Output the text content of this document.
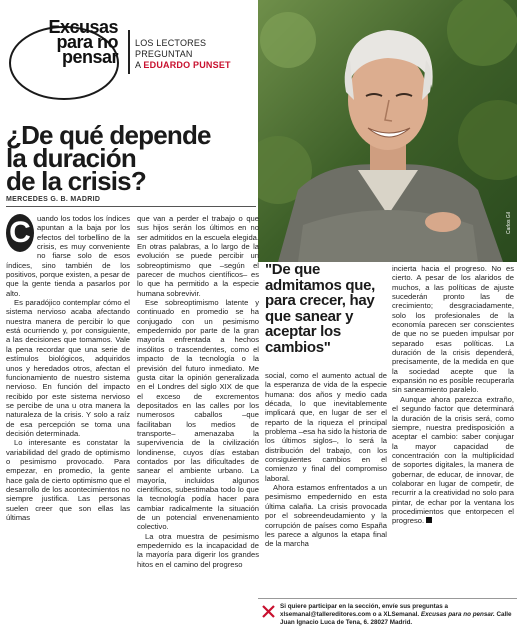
Excusas
para no
pensar
LOS LECTORES PREGUNTAN
A EDUARDO PUNSET
Carlos Gil
¿De qué depende
la duración
de la crisis?
MERCEDES G. B. MADRID
C uando los todos los índices apuntan a la baja por los efectos del torbellino de la crisis, es muy conveniente no fiarse solo de esos índices, sino también de los positivos, porque existen, a pesar de que la gente tienda a pasarlos por alto.

Es paradójico contemplar cómo el sistema nervioso acaba afectando nuestra manera de percibir lo que está ocurriendo y, por consiguiente, a las decisiones que tomamos. Vale la pena recordar que una serie de estímulos biológicos, adquiridos unos y heredados otros, afectan el funcionamiento de nuestro sistema nervioso. En función del impacto recibido por este sistema nervioso se percibe de una u otra manera la naturaleza de la crisis. Y solo a raíz de esa percepción se toma una decisión determinada.

Lo interesante es constatar la variabilidad del grado de optimismo o pesimismo provocado. Para empezar, en promedio, la gente hace gala de cierto optimismo que el desarrollo de los acontecimientos no siempre justifica. Las personas suelen creer que son ellas las últimas

que van a perder el trabajo o que sus hijos serán los últimos en no ser admitidos en la escuela elegida. En otras palabras, a lo largo de la evolución se puede percibir un sobreoptimismo que –según el parecer de muchos científicos– es lo que ha permitido a la especie humana sobrevivir.

Ese sobreoptimismo latente y continuado en promedio se ha conjugado con un pesimismo empedernido por parte de la gran mayoría enfrentada a hechos insólitos o trascendentes, como el impacto de la tecnología o la previsión del futuro inmediato. Me gusta citar la opinión generalizada en el Londres del siglo XIX de que el exceso de excrementos depositados en las calles por los numerosos caballos –que facilitaban los medios de transporte– amenazaba la supervivencia de la civilización londinense, cuyos días estaban contados por las dificultades de sanear el ambiente urbano. La mayoría, incluidos algunos científicos, subestimaba todo lo que la tecnología podía hacer para cambiar radicalmente la situación de un potencial envenenamiento colectivo.

La otra muestra de pesimismo empedernido es la incapacidad de la mayoría para digerir los grandes hitos en el camino del progreso

"De que admitamos que, para crecer, hay que sanear y aceptar los cambios"

social, como el aumento actual de la esperanza de vida de la especie humana: dos años y medio cada década, lo que inevitablemente implicará que, en lugar de ser el reparto de la riqueza el principal problema –esa ha sido la historia de los últimos siglos–, lo será la distribución del trabajo, con los consiguientes cambios en el comienzo y final del compromiso laboral.

Ahora estamos enfrentados a un pesimismo empedernido en esta última calaña. La crisis provocada por el sobreendeudamiento y la corrupción de países como España les parece a algunos la etapa final de la marcha

incierta hacia el progreso. No es cierto. A pesar de los alaridos de muchos, a las políticas de ajuste sucederán pronto las de crecimiento; desgraciadamente, solo los profesionales de la economía parecen ser conscientes de que no se pueden impulsar por separado esas políticas. La duración de la crisis dependerá, precisamente, de la medida en que la sociedad acepte que la expansión no es posible recuperarla sin saneamiento paralelo.

Aunque ahora parezca extraño, el segundo factor que determinará la duración de la crisis será, como siempre, nuestra predisposición a aceptar el cambio: saber conjugar la mayor capacidad de concentración con la multiplicidad de soportes digitales, la manera de gobernar, de educar, de innovar, de colaborar en lugar de competir, de recurrir a la creatividad no solo para pintar, de echar por la ventana los procedimientos que entorpecen el progreso.

Si quiere participar en la sección, envíe sus preguntas a xlsemanal@tallereditores.com o a XLSemanal. Excusas para no pensar. Calle Juan Ignacio Luca de Tena, 6. 28027 Madrid.
